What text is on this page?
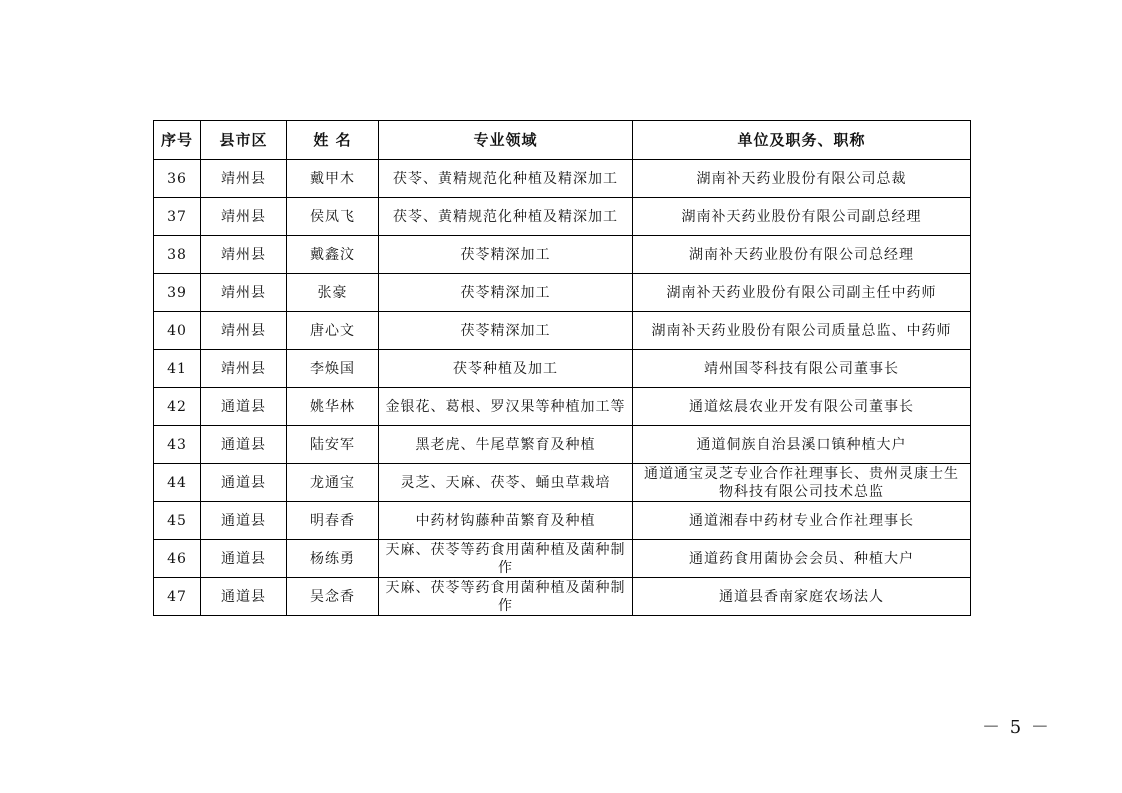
序号	县市区	姓 名	专业领域	单位及职务、职称
36	靖州县	戴甲木	茯苓、黄精规范化种植及精深加工	湖南补天药业股份有限公司总裁
37	靖州县	侯凤飞	茯苓、黄精规范化种植及精深加工	湖南补天药业股份有限公司副总经理
38	靖州县	戴鑫汶	茯苓精深加工	湖南补天药业股份有限公司总经理
39	靖州县	张豪	茯苓精深加工	湖南补天药业股份有限公司副主任中药师
40	靖州县	唐心文	茯苓精深加工	湖南补天药业股份有限公司质量总监、中药师
41	靖州县	李焕国	茯苓种植及加工	靖州国苓科技有限公司董事长
42	通道县	姚华林	金银花、葛根、罗汉果等种植加工等	通道炫晨农业开发有限公司董事长
43	通道县	陆安军	黑老虎、牛尾草繁育及种植	通道侗族自治县溪口镇种植大户
44	通道县	龙通宝	灵芝、天麻、茯苓、蛹虫草栽培	通道通宝灵芝专业合作社理事长、贵州灵康士生物科技有限公司技术总监
45	通道县	明春香	中药材钩藤种苗繁育及种植	通道湘春中药材专业合作社理事长
46	通道县	杨练勇	天麻、茯苓等药食用菌种植及菌种制作	通道药食用菌协会会员、种植大户
47	通道县	吴念香	天麻、茯苓等药食用菌种植及菌种制作	通道县香南家庭农场法人
－ 5 －
